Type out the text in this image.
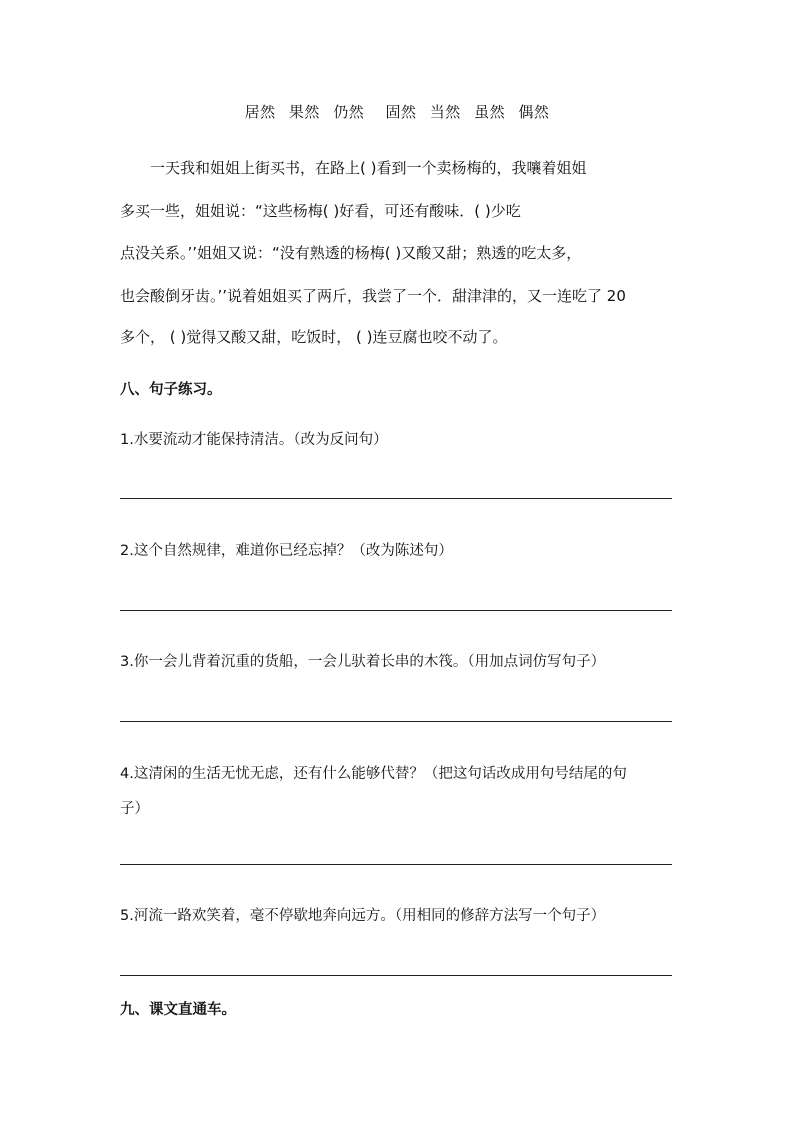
居然 果然 仍然 固然 当然 虽然 偶然
一天我和姐姐上街买书，在路上( )看到一个卖杨梅的，我嚷着姐姐
多买一些，姐姐说：“这些杨梅( )好看，可还有酸味．( )少吃
点没关系。’’姐姐又说：“没有熟透的杨梅( )又酸又甜；熟透的吃太多，
也会酸倒牙齿。’’说着姐姐买了两斤，我尝了一个．甜津津的，又一连吃了 20
多个， ( )觉得又酸又甜，吃饭时， ( )连豆腐也咬不动了。
八、句子练习。
1.水要流动才能保持清洁。（改为反问句）
2.这个自然规律，难道你已经忘掉？（改为陈述句）
3.你一会儿背着沉重的货船，一会儿驮着长串的木筏。（用加点词仿写句子）
4.这清闲的生活无忧无虑，还有什么能够代替？（把这句话改成用句号结尾的句
子）
5.河流一路欢笑着，毫不停歇地奔向远方。（用相同的修辞方法写一个句子）
九、课文直通车。
